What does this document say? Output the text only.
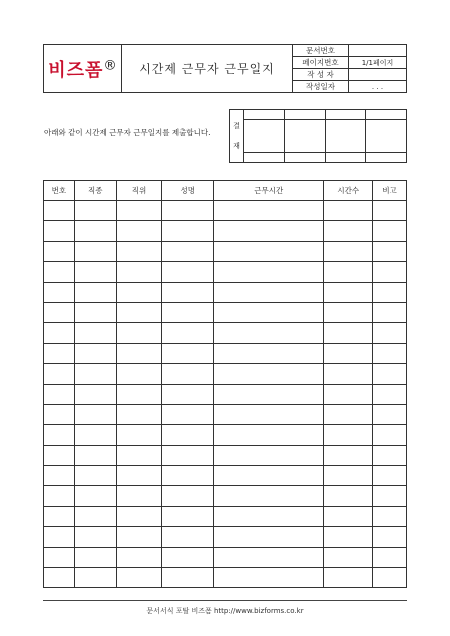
비즈폼®	시간제 근무자 근무일지	문서번호	
		페이지번호	1/1페이지
		작 성 자	
		작성일자	. . .
아래와 같이 시간제 근무자 근무일지를 제출합니다.
결
재				

번호	직종	직위	성명	근무시간	시간수	비고

문서서식 포탈 비즈폼 http://www.bizforms.co.kr
